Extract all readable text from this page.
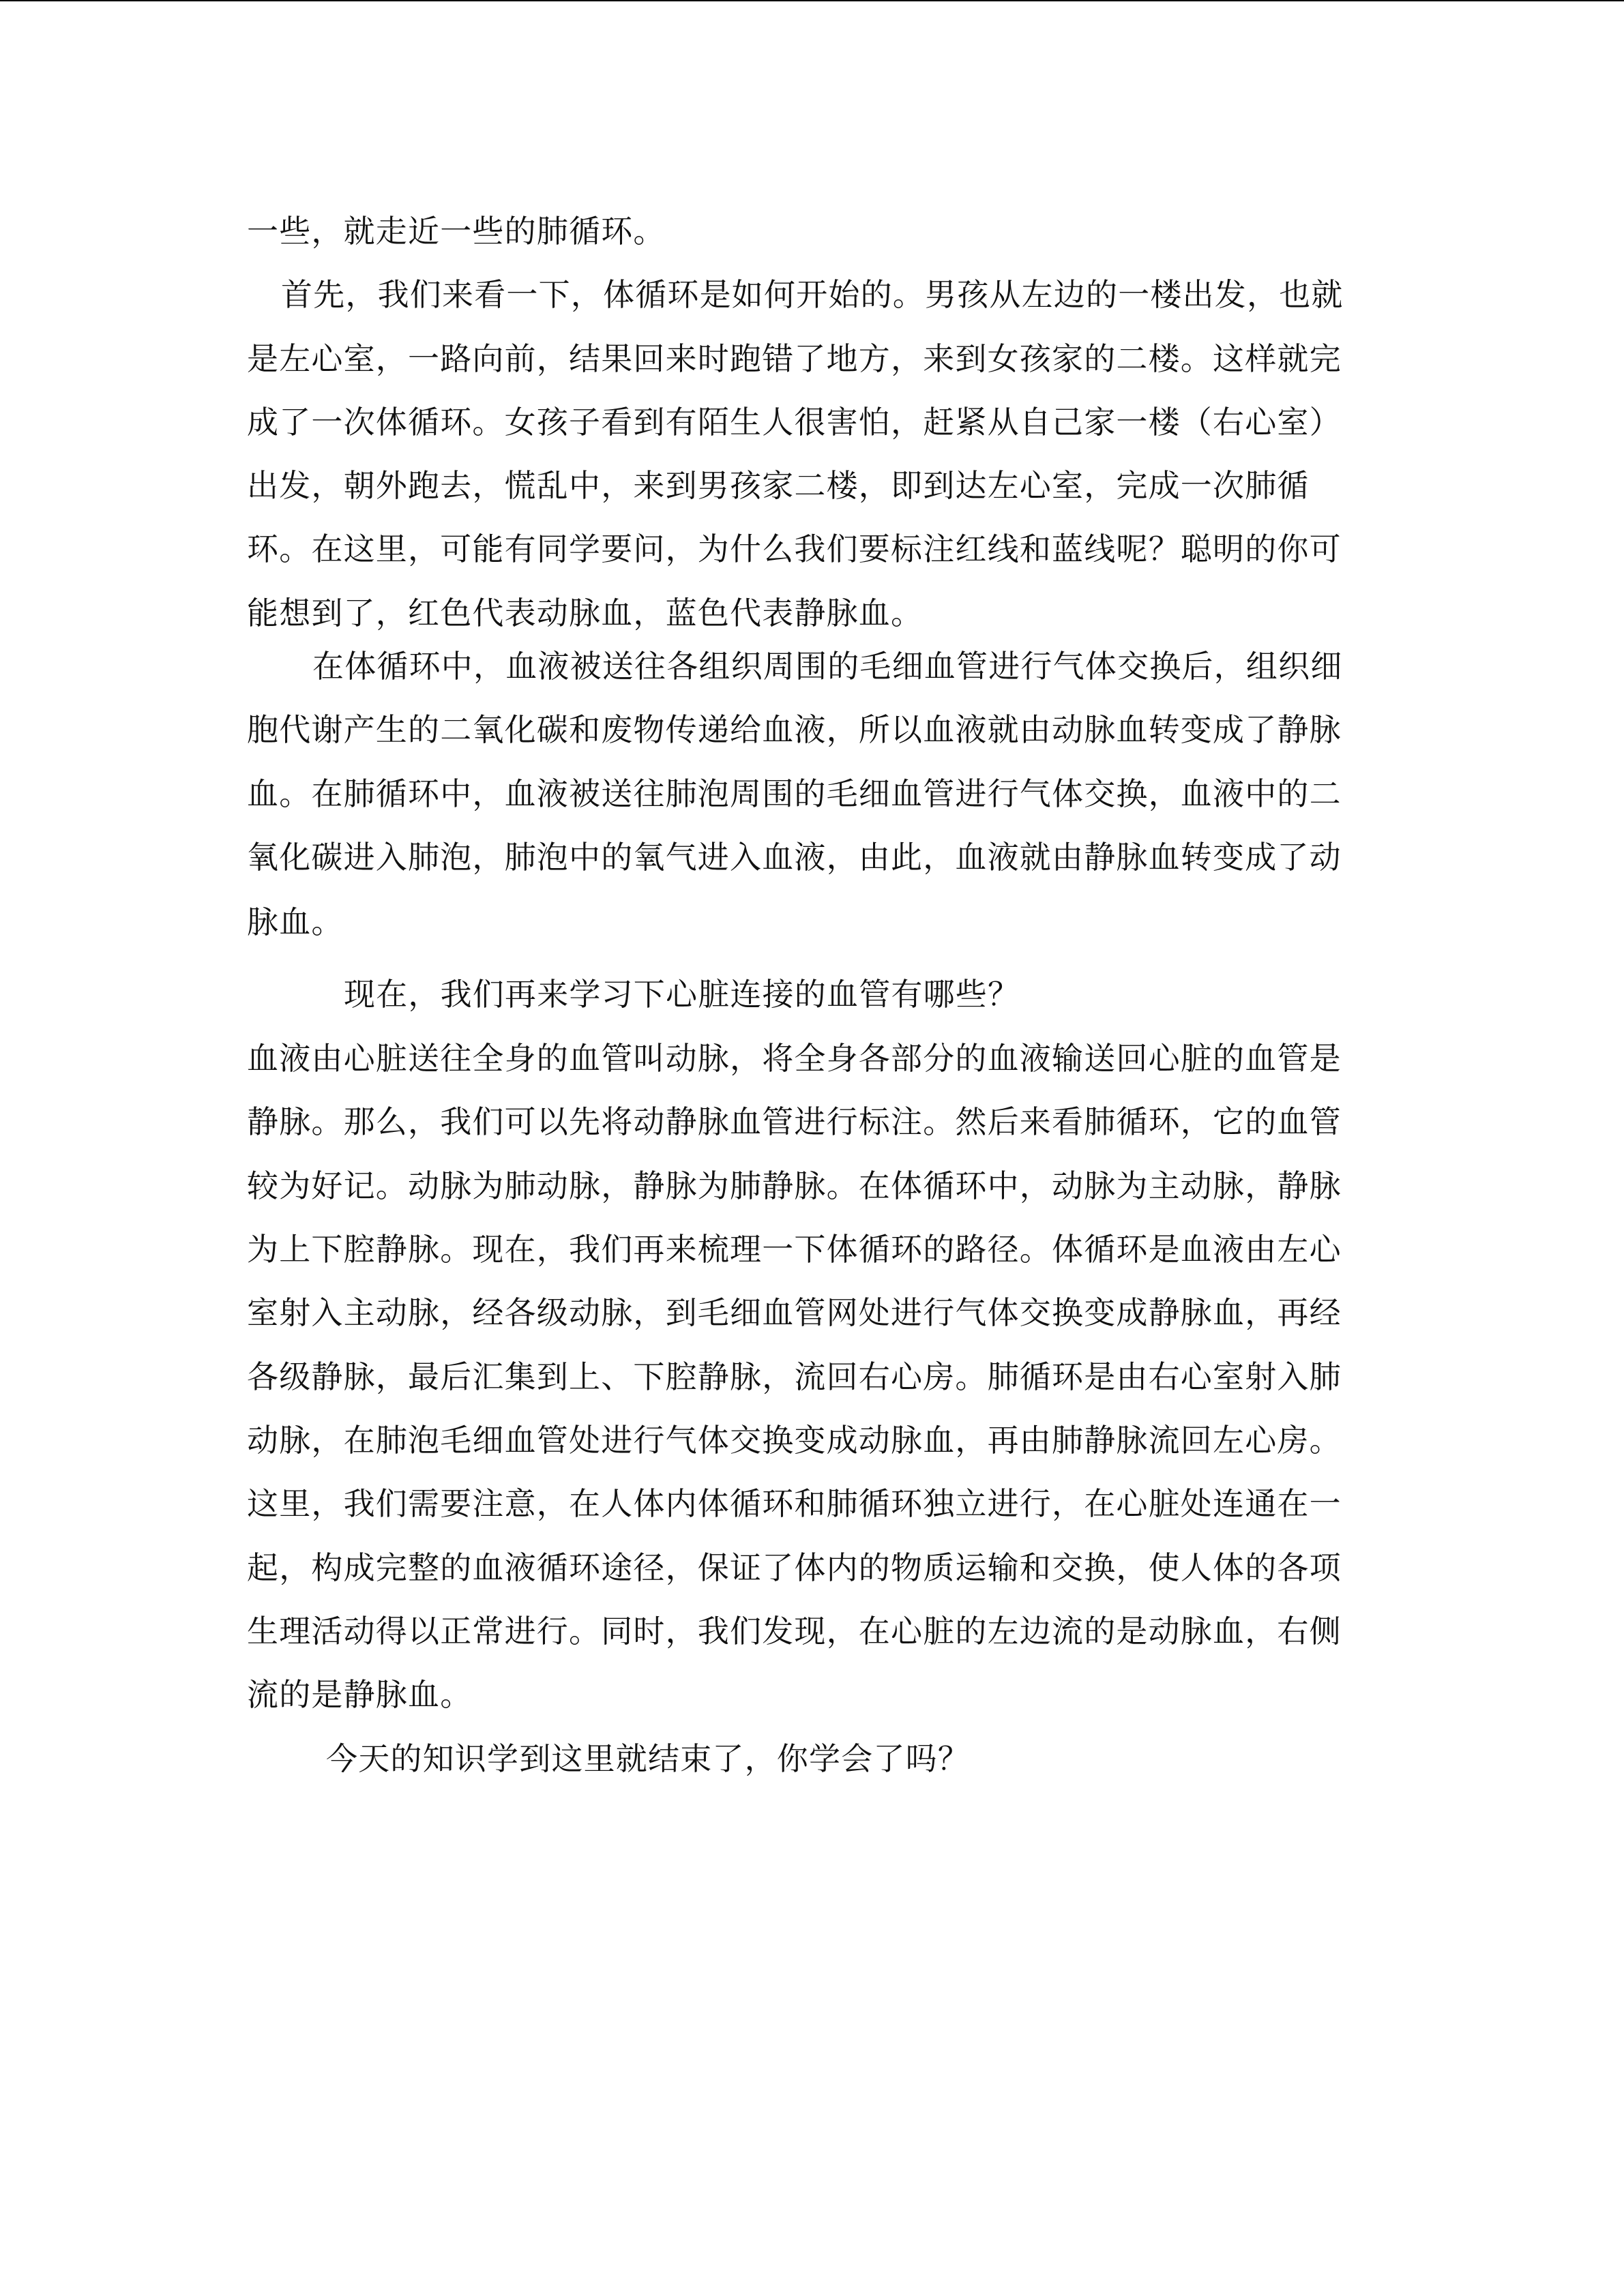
一些，就走近一些的肺循环。
首先，我们来看一下，体循环是如何开始的。男孩从左边的一楼出发，也就
是左心室，一路向前，结果回来时跑错了地方，来到女孩家的二楼。这样就完
成了一次体循环。女孩子看到有陌生人很害怕，赶紧从自己家一楼（右心室）
出发，朝外跑去，慌乱中，来到男孩家二楼，即到达左心室，完成一次肺循
环。在这里，可能有同学要问，为什么我们要标注红线和蓝线呢？聪明的你可
能想到了，红色代表动脉血，蓝色代表静脉血。
在体循环中，血液被送往各组织周围的毛细血管进行气体交换后，组织细
胞代谢产生的二氧化碳和废物传递给血液，所以血液就由动脉血转变成了静脉
血。在肺循环中，血液被送往肺泡周围的毛细血管进行气体交换，血液中的二
氧化碳进入肺泡，肺泡中的氧气进入血液，由此，血液就由静脉血转变成了动
脉血。
现在，我们再来学习下心脏连接的血管有哪些？
血液由心脏送往全身的血管叫动脉，将全身各部分的血液输送回心脏的血管是
静脉。那么，我们可以先将动静脉血管进行标注。然后来看肺循环，它的血管
较为好记。动脉为肺动脉，静脉为肺静脉。在体循环中，动脉为主动脉，静脉
为上下腔静脉。现在，我们再来梳理一下体循环的路径。体循环是血液由左心
室射入主动脉，经各级动脉，到毛细血管网处进行气体交换变成静脉血，再经
各级静脉，最后汇集到上、下腔静脉，流回右心房。肺循环是由右心室射入肺
动脉，在肺泡毛细血管处进行气体交换变成动脉血，再由肺静脉流回左心房。
这里，我们需要注意，在人体内体循环和肺循环独立进行，在心脏处连通在一
起，构成完整的血液循环途径，保证了体内的物质运输和交换，使人体的各项
生理活动得以正常进行。同时，我们发现，在心脏的左边流的是动脉血，右侧
流的是静脉血。
今天的知识学到这里就结束了，你学会了吗？
